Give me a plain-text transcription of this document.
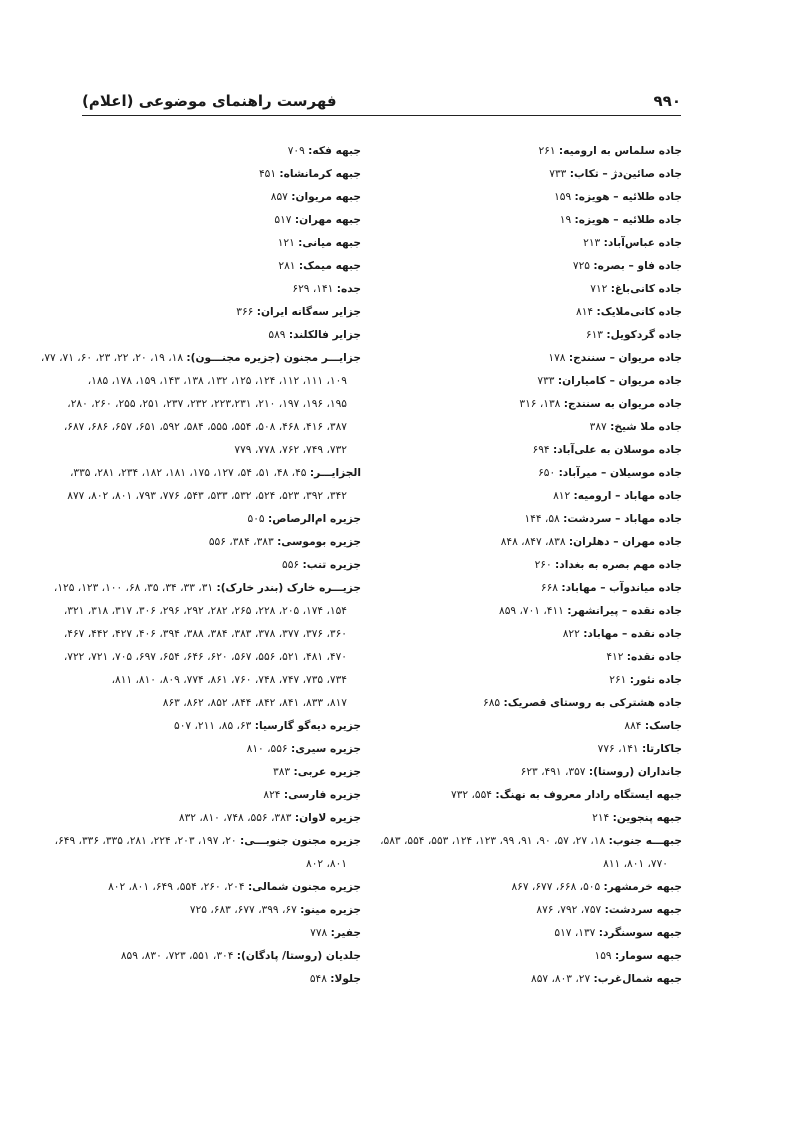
۹۹۰
فهرست راهنمای موضوعی (اعلام)
جاده سلماس به ارومیه: ۲۶۱
جاده صائین‌دژ – تکاب: ۷۳۳
جاده طلائیه – هویزه: ۱۵۹
جاده طلائیه – هویزه: ۱۹
جاده عباس‌آباد: ۲۱۳
جاده فاو – بصره: ۷۲۵
جاده کانی‌باغ: ۷۱۲
جاده کانی‌ملایک: ۸۱۴
جاده گردکویل: ۶۱۳
جاده مریوان – سنندج: ۱۷۸
جاده مریوان – کامیاران: ۷۳۳
جاده مریوان به سنندج: ۱۳۸، ۳۱۶
جاده ملا شیخ: ۳۸۷
جاده موسلان به علی‌آباد: ۶۹۴
جاده موسیلان – میرآباد: ۶۵۰
جاده مهاباد – ارومیه: ۸۱۲
جاده مهاباد – سردشت: ۵۸، ۱۴۴
جاده مهران – دهلران: ۸۳۸، ۸۴۷، ۸۴۸
جاده مهم بصره به بغداد: ۲۶۰
جاده میاندوآب – مهاباد: ۶۶۸
جاده نقده – پیرانشهر: ۴۱۱، ۷۰۱، ۸۵۹
جاده نقده – مهاباد: ۸۲۲
جاده نقده: ۴۱۲
جاده نئور: ۲۶۱
جاده هشترکی به روستای قصریک: ۶۸۵
جاسک: ۸۸۴
جاکارتا: ۱۴۱، ۷۷۶
جانداران (روستا): ۳۵۷، ۴۹۱، ۶۲۳
جبهه ایستگاه رادار معروف به نهنگ: ۵۵۴، ۷۳۲
جبهه پنجوین: ۲۱۴
جبهـــه جنوب: ۱۸، ۲۷، ۵۷، ۹۰، ۹۱، ۹۹، ۱۲۳، ۱۲۴، ۵۵۳، ۵۵۴، ۵۸۳،
۷۷۰، ۸۰۱، ۸۱۱
جبهه خرمشهر: ۵۰۵، ۶۶۸، ۶۷۷، ۸۶۷
جبهه سردشت: ۷۵۷، ۷۹۲، ۸۷۶
جبهه سوسنگرد: ۱۳۷، ۵۱۷
جبهه سومار: ۱۵۹
جبهه شمال‌غرب: ۲۷، ۸۰۳، ۸۵۷
جبهه فکه: ۷۰۹
جبهه کرمانشاه: ۴۵۱
جبهه مریوان: ۸۵۷
جبهه مهران: ۵۱۷
جبهه میانی: ۱۲۱
جبهه میمک: ۲۸۱
جده: ۱۴۱، ۶۲۹
جزایر سه‌گانه ایران: ۳۶۶
جزایر فالکلند: ۵۸۹
جزایـــر مجنون (جزیره مجنـــون): ۱۸، ۱۹، ۲۰، ۲۲، ۲۳، ۶۰، ۷۱، ۷۷،
۱۰۹، ۱۱۱، ۱۱۲، ۱۲۴، ۱۲۵، ۱۳۲، ۱۳۸، ۱۴۳، ۱۵۹، ۱۷۸، ۱۸۵،
۱۹۵، ۱۹۶، ۱۹۷، ۲۱۰، ۲۲۳،۲۳۱، ۲۳۲، ۲۳۷، ۲۵۱، ۲۵۵، ۲۶۰، ۲۸۰،
۳۸۷، ۴۱۶، ۴۶۸، ۵۰۸، ۵۵۴، ۵۵۵، ۵۸۴، ۵۹۲، ۶۵۱، ۶۵۷، ۶۸۶، ۶۸۷،
۷۳۲، ۷۴۹، ۷۶۲، ۷۷۸، ۷۷۹
الجزایـــر: ۴۵، ۴۸، ۵۱، ۵۴، ۱۲۷، ۱۷۵، ۱۸۱، ۱۸۲، ۲۳۴، ۲۸۱، ۳۳۵،
۳۴۲، ۳۹۲، ۵۲۳، ۵۲۴، ۵۳۲، ۵۳۳، ۵۴۳، ۷۷۶، ۷۹۳، ۸۰۱، ۸۰۲، ۸۷۷
جزیره ام‌الرصاص: ۵۰۵
جزیره بوموسی: ۳۸۳، ۳۸۴، ۵۵۶
جزیره تنب: ۵۵۶
جزیـــره خارک (بندر خارک): ۳۱، ۳۳، ۳۴، ۳۵، ۶۸، ۱۰۰، ۱۲۳، ۱۲۵،
۱۵۴، ۱۷۴، ۲۰۵، ۲۲۸، ۲۶۵، ۲۸۲، ۲۹۲، ۲۹۶، ۳۰۶، ۳۱۷، ۳۱۸، ۳۲۱،
۳۶۰، ۳۷۶، ۳۷۷، ۳۷۸، ۳۸۳، ۳۸۴، ۳۸۸، ۳۹۴، ۴۰۶، ۴۲۷، ۴۴۲، ۴۶۷،
۴۷۰، ۴۸۱، ۵۲۱، ۵۵۶، ۵۶۷، ۶۲۰، ۶۴۶، ۶۵۴، ۶۹۷، ۷۰۵، ۷۲۱، ۷۲۲،
۷۳۴، ۷۳۵، ۷۴۷، ۷۴۸، ۷۶۰، ۸۶۱، ۷۷۴، ۸۰۹، ۸۱۰، ۸۱۱،
۸۱۷، ۸۳۳، ۸۴۱، ۸۴۲، ۸۴۴، ۸۵۲، ۸۶۲، ۸۶۳
جزیره دیه‌گو گارسیا: ۶۳، ۸۵، ۲۱۱، ۵۰۷
جزیره سیری: ۵۵۶، ۸۱۰
جزیره عربی: ۳۸۳
جزیره فارسی: ۸۲۴
جزیره لاوان: ۳۸۳، ۵۵۶، ۷۴۸، ۸۱۰، ۸۳۲
جزیره مجنون جنوبـــی: ۲۰، ۱۹۷، ۲۰۳، ۲۲۴، ۲۸۱، ۳۳۵، ۳۳۶، ۶۴۹،
۸۰۱، ۸۰۲
جزیره مجنون شمالی: ۲۰۴، ۲۶۰، ۵۵۴، ۶۴۹، ۸۰۱، ۸۰۲
جزیره مینو: ۶۷، ۳۹۹، ۶۷۷، ۶۸۳، ۷۲۵
جفیر: ۷۷۸
جلدیان (روستا/ پادگان): ۳۰۴، ۵۵۱، ۷۲۳، ۸۳۰، ۸۵۹
جلولا: ۵۴۸
